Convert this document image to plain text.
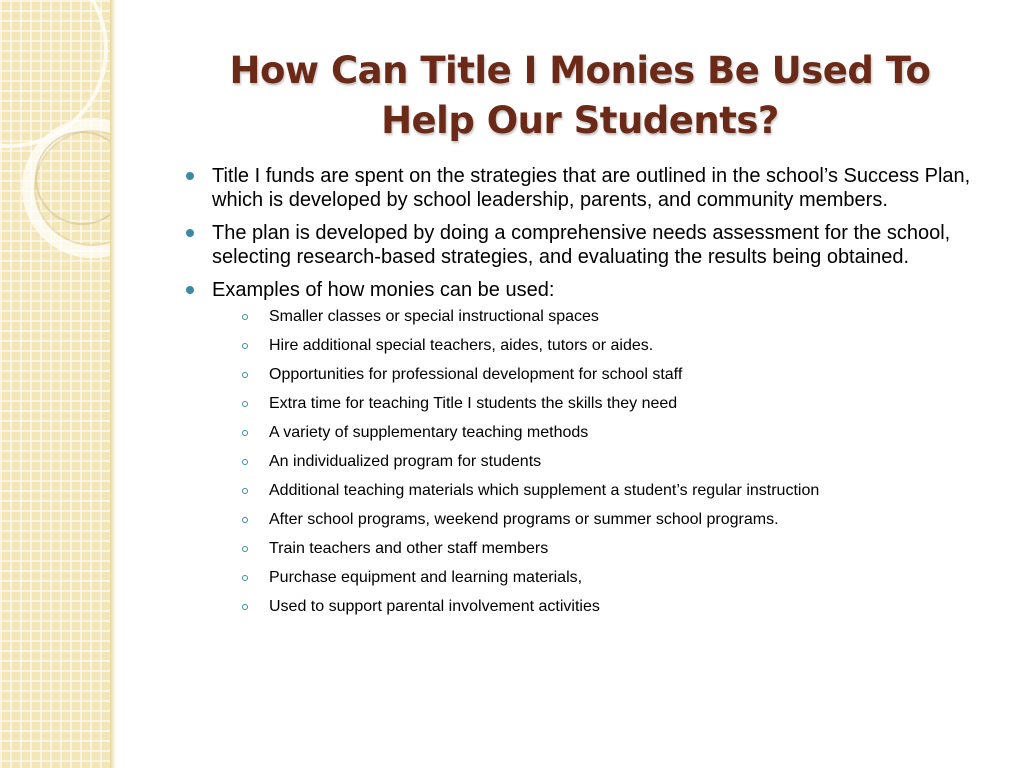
How Can Title I Monies Be Used To Help Our Students?
Title I funds are spent on the strategies that are outlined in the school’s Success Plan, which is developed by school leadership, parents, and community members.
The plan is developed by doing a comprehensive needs assessment for the school, selecting research-based strategies, and evaluating the results being obtained.
Examples of how monies can be used:
Smaller classes or special instructional spaces
Hire additional special teachers, aides, tutors or aides.
Opportunities for professional development for school staff
Extra time for teaching Title I students the skills they need
A variety of supplementary teaching methods
An individualized program for students
Additional teaching materials which supplement a student’s regular instruction
After school programs, weekend programs or summer school programs.
Train teachers and other staff members
Purchase equipment and learning materials,
Used to support parental involvement activities
